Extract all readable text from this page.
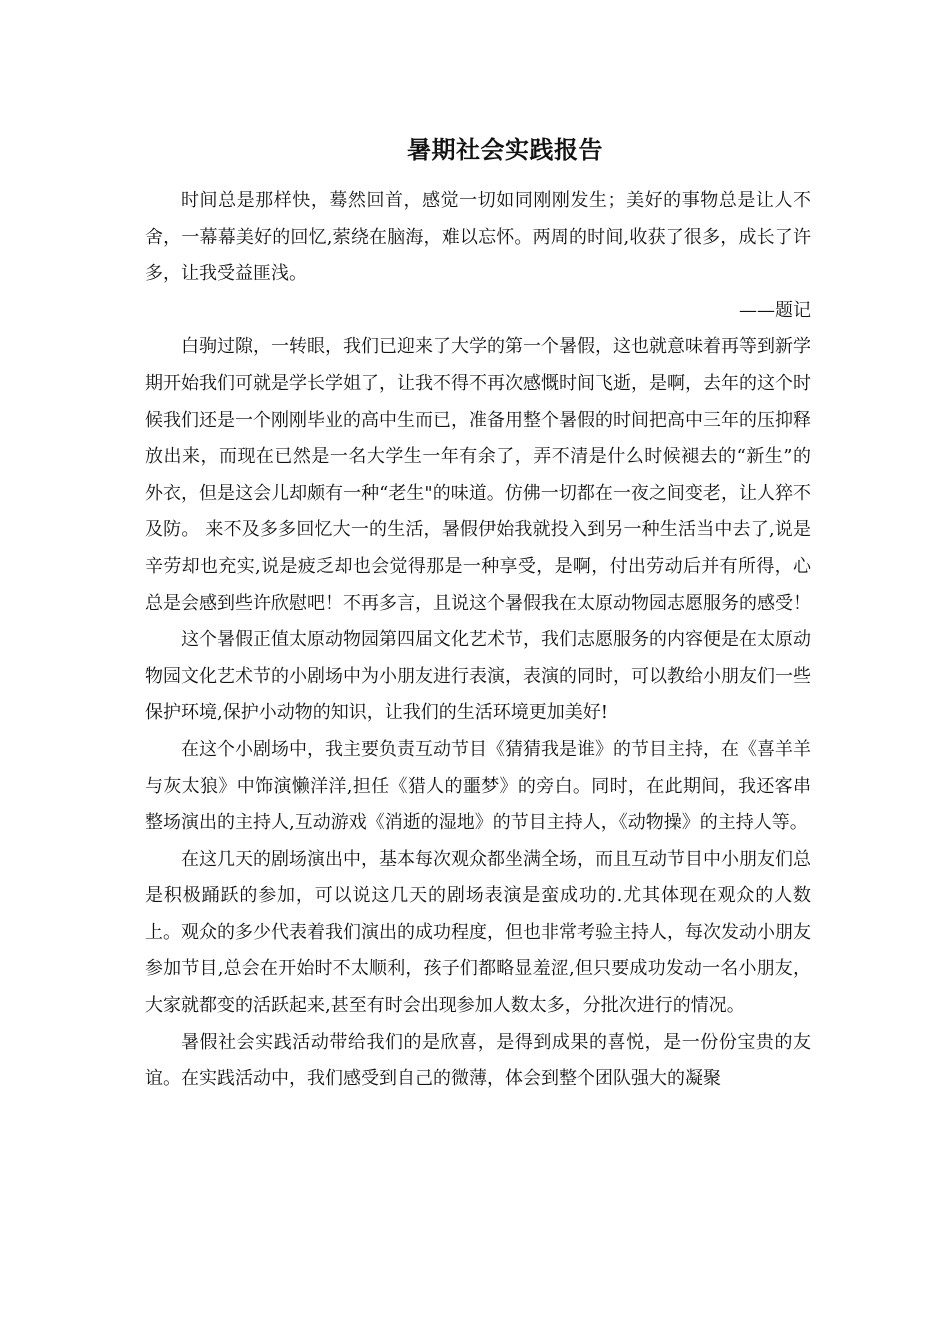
暑期社会实践报告

时间总是那样快，蓦然回首，感觉一切如同刚刚发生；美好的事物总是让人不舍，一幕幕美好的回忆,萦绕在脑海，难以忘怀。两周的时间,收获了很多，成长了许多，让我受益匪浅。

——题记

白驹过隙，一转眼，我们已迎来了大学的第一个暑假，这也就意味着再等到新学期开始我们可就是学长学姐了，让我不得不再次感慨时间飞逝，是啊，去年的这个时候我们还是一个刚刚毕业的高中生而已，准备用整个暑假的时间把高中三年的压抑释放出来，而现在已然是一名大学生一年有余了，弄不清是什么时候褪去的“新生”的外衣，但是这会儿却颇有一种“老生"的味道。仿佛一切都在一夜之间变老，让人猝不及防。 来不及多多回忆大一的生活，暑假伊始我就投入到另一种生活当中去了,说是辛劳却也充实,说是疲乏却也会觉得那是一种享受，是啊，付出劳动后并有所得，心总是会感到些许欣慰吧！不再多言，且说这个暑假我在太原动物园志愿服务的感受！

这个暑假正值太原动物园第四届文化艺术节，我们志愿服务的内容便是在太原动物园文化艺术节的小剧场中为小朋友进行表演，表演的同时，可以教给小朋友们一些保护环境,保护小动物的知识，让我们的生活环境更加美好!

在这个小剧场中，我主要负责互动节目《猜猜我是谁》的节目主持，在《喜羊羊与灰太狼》中饰演懒洋洋,担任《猎人的噩梦》的旁白。同时，在此期间，我还客串整场演出的主持人,互动游戏《消逝的湿地》的节目主持人，《动物操》的主持人等。

在这几天的剧场演出中，基本每次观众都坐满全场，而且互动节目中小朋友们总是积极踊跃的参加，可以说这几天的剧场表演是蛮成功的.尤其体现在观众的人数上。观众的多少代表着我们演出的成功程度，但也非常考验主持人，每次发动小朋友参加节目,总会在开始时不太顺利，孩子们都略显羞涩,但只要成功发动一名小朋友，大家就都变的活跃起来,甚至有时会出现参加人数太多，分批次进行的情况。

暑假社会实践活动带给我们的是欣喜，是得到成果的喜悦，是一份份宝贵的友谊。在实践活动中，我们感受到自己的微薄，体会到整个团队强大的凝聚
